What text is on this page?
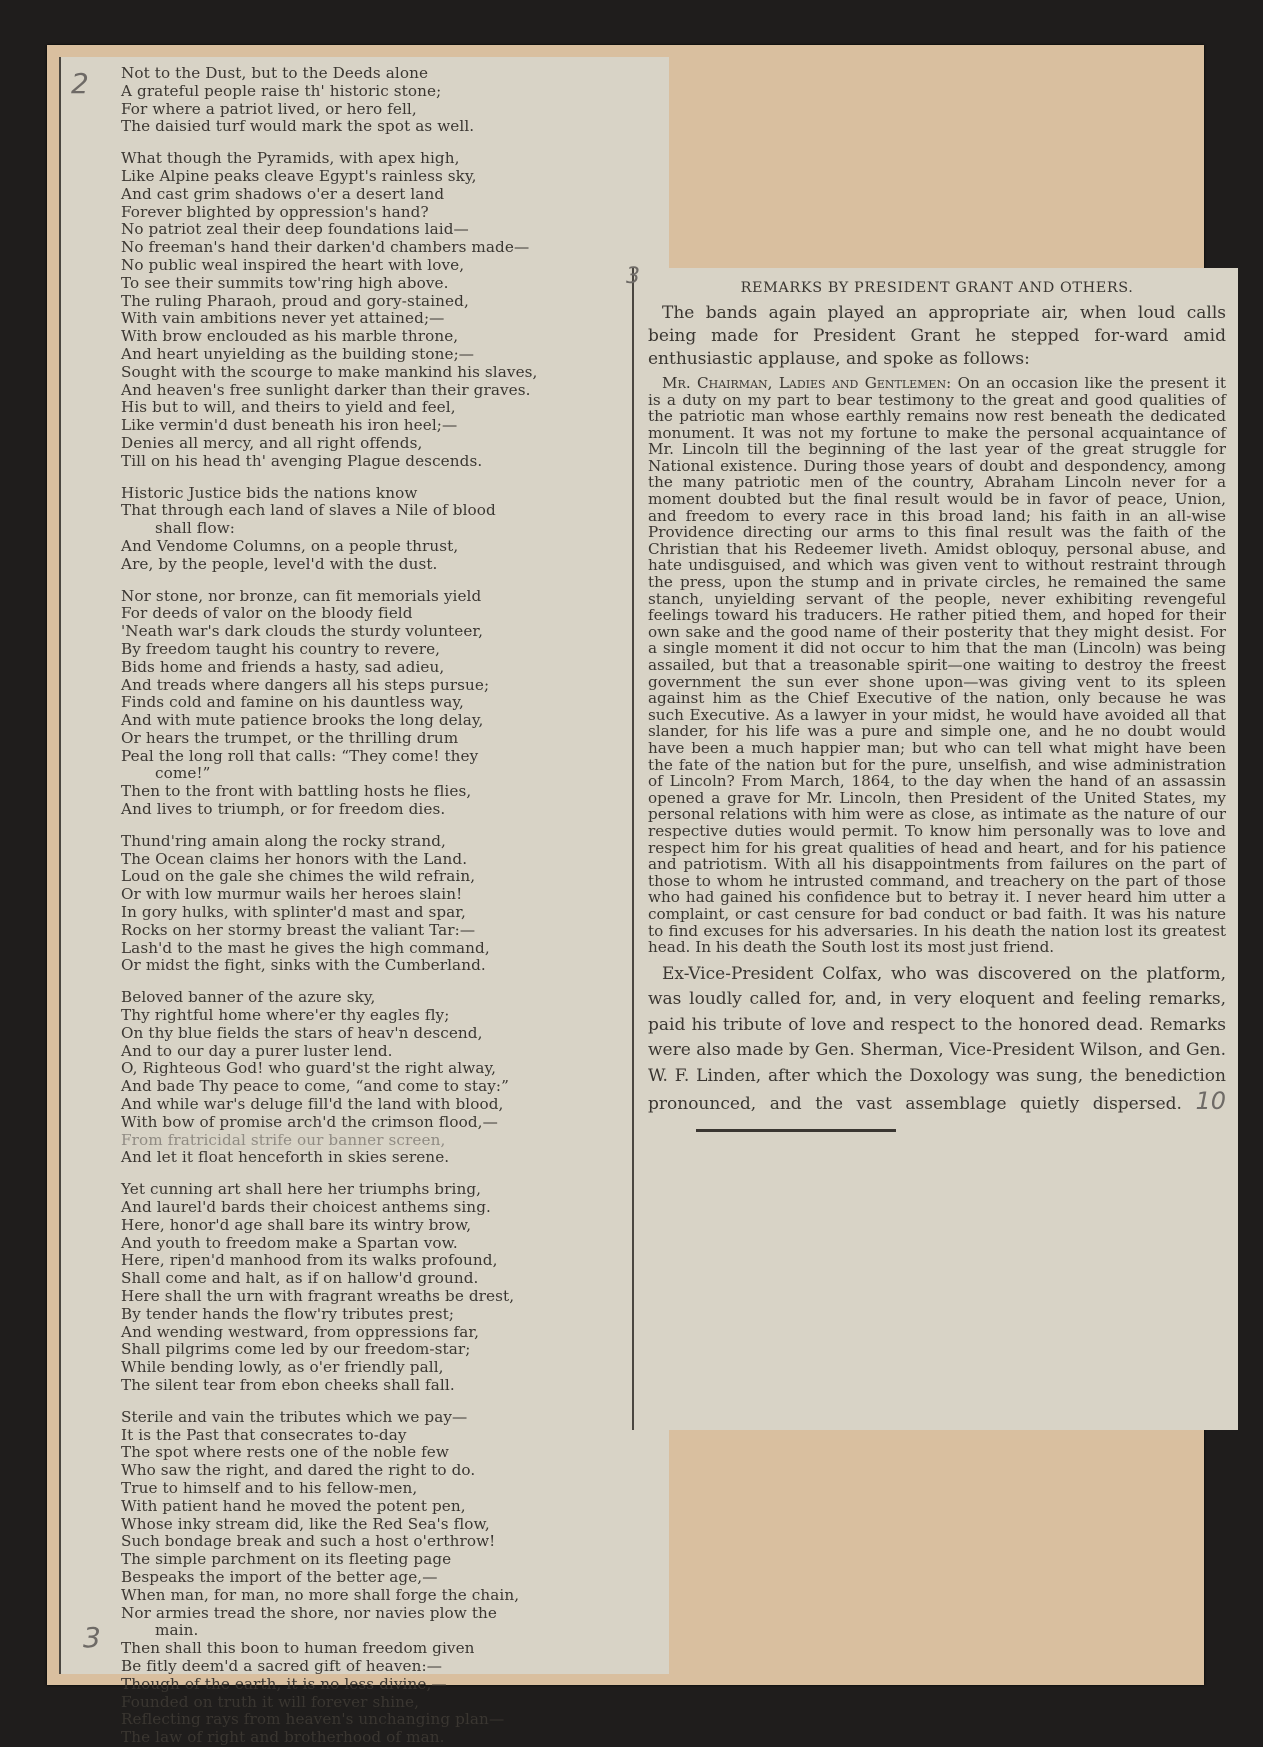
2 Not to the Dust, but to the Deeds alone
A grateful people raise th' historic stone;
For where a patriot lived, or hero fell,
The daisied turf would mark the spot as well.
What though the Pyramids, with apex high,
Like Alpine peaks cleave Egypt's rainless sky,
And cast grim shadows o'er a desert land
Forever blighted by oppression's hand?
No patriot zeal their deep foundations laid—
No freeman's hand their darken'd chambers made—
No public weal inspired the heart with love,
To see their summits tow'ring high above.
The ruling Pharaoh, proud and gory-stained,
With vain ambitions never yet attained;—
With brow enclouded as his marble throne,
And heart unyielding as the building stone;—
Sought with the scourge to make mankind his slaves,
And heaven's free sunlight darker than their graves.
His but to will, and theirs to yield and feel,
Like vermin'd dust beneath his iron heel;—
Denies all mercy, and all right offends,
Till on his head th' avenging Plague descends.
Historic Justice bids the nations know
That through each land of slaves a Nile of blood
shall flow:
And Vendome Columns, on a people thrust,
Are, by the people, level'd with the dust.
Nor stone, nor bronze, can fit memorials yield
For deeds of valor on the bloody field
'Neath war's dark clouds the sturdy volunteer,
By freedom taught his country to revere,
Bids home and friends a hasty, sad adieu,
And treads where dangers all his steps pursue;
Finds cold and famine on his dauntless way,
And with mute patience brooks the long delay,
Or hears the trumpet, or the thrilling drum
Peal the long roll that calls: “They come! they
come!”
Then to the front with battling hosts he flies,
And lives to triumph, or for freedom dies.
Thund'ring amain along the rocky strand,
The Ocean claims her honors with the Land.
Loud on the gale she chimes the wild refrain,
Or with low murmur wails her heroes slain!
In gory hulks, with splinter'd mast and spar,
Rocks on her stormy breast the valiant Tar:—
Lash'd to the mast he gives the high command,
Or midst the fight, sinks with the Cumberland.
Beloved banner of the azure sky,
Thy rightful home where'er thy eagles fly;
On thy blue fields the stars of heav'n descend,
And to our day a purer luster lend.
O, Righteous God! who guard'st the right alway,
And bade Thy peace to come, “and come to stay:”
And while war's deluge fill'd the land with blood,
With bow of promise arch'd the crimson flood,—
From fratricidal strife our banner screen,
And let it float henceforth in skies serene.
Yet cunning art shall here her triumphs bring,
And laurel'd bards their choicest anthems sing.
Here, honor'd age shall bare its wintry brow,
And youth to freedom make a Spartan vow.
Here, ripen'd manhood from its walks profound,
Shall come and halt, as if on hallow'd ground.
Here shall the urn with fragrant wreaths be drest,
By tender hands the flow'ry tributes prest;
And wending westward, from oppressions far,
Shall pilgrims come led by our freedom-star;
While bending lowly, as o'er friendly pall,
The silent tear from ebon cheeks shall fall.
Sterile and vain the tributes which we pay—
It is the Past that consecrates to-day
The spot where rests one of the noble few
Who saw the right, and dared the right to do.
True to himself and to his fellow-men,
With patient hand he moved the potent pen,
Whose inky stream did, like the Red Sea's flow,
Such bondage break and such a host o'erthrow!
The simple parchment on its fleeting page
Bespeaks the import of the better age,—
When man, for man, no more shall forge the chain,
Nor armies tread the shore, nor navies plow the
main.
Then shall this boon to human freedom given
Be fitly deem'd a sacred gift of heaven:—
Though of the earth, it is no less divine,—
Founded on truth it will forever shine,
Reflecting rays from heaven's unchanging plan—
The law of right and brotherhood of man.
3
3	REMARKS BY PRESIDENT GRANT AND OTHERS.

The bands again played an appropriate air, when loud calls being made for President Grant he stepped for-ward amid enthusiastic applause, and spoke as follows:

Mr. Chairman, Ladies and Gentlemen: On an occasion like the present it is a duty on my part to bear testimony to the great and good qualities of the patriotic man whose earthly remains now rest beneath the dedicated monument. It was not my fortune to make the personal acquaintance of Mr. Lincoln till the beginning of the last year of the great struggle for National existence. During those years of doubt and despondency, among the many patriotic men of the country, Abraham Lincoln never for a moment doubted but the final result would be in favor of peace, Union, and freedom to every race in this broad land; his faith in an all-wise Providence directing our arms to this final result was the faith of the Christian that his Redeemer liveth. Amidst obloquy, personal abuse, and hate undisguised, and which was given vent to without restraint through the press, upon the stump and in private circles, he remained the same stanch, unyielding servant of the people, never exhibiting revengeful feelings toward his traducers. He rather pitied them, and hoped for their own sake and the good name of their posterity that they might desist. For a single moment it did not occur to him that the man (Lincoln) was being assailed, but that a treasonable spirit—one waiting to destroy the freest government the sun ever shone upon—was giving vent to its spleen against him as the Chief Executive of the nation, only because he was such Executive. As a lawyer in your midst, he would have avoided all that slander, for his life was a pure and simple one, and he no doubt would have been a much happier man; but who can tell what might have been the fate of the nation but for the pure, unselfish, and wise administration of Lincoln? From March, 1864, to the day when the hand of an assassin opened a grave for Mr. Lincoln, then President of the United States, my personal relations with him were as close, as intimate as the nature of our respective duties would permit. To know him personally was to love and respect him for his great qualities of head and heart, and for his patience and patriotism. With all his disappointments from failures on the part of those to whom he intrusted command, and treachery on the part of those who had gained his confidence but to betray it. I never heard him utter a complaint, or cast censure for bad conduct or bad faith. It was his nature to find excuses for his adversaries. In his death the nation lost its greatest head. In his death the South lost its most just friend.

Ex-Vice-President Colfax, who was discovered on the platform, was loudly called for, and, in very eloquent and feeling remarks, paid his tribute of love and respect to the honored dead. Remarks were also made by Gen. Sherman, Vice-President Wilson, and Gen. W. F. Linden, after which the Doxology was sung, the benediction pronounced, and the vast assemblage quietly dispersed. 10
